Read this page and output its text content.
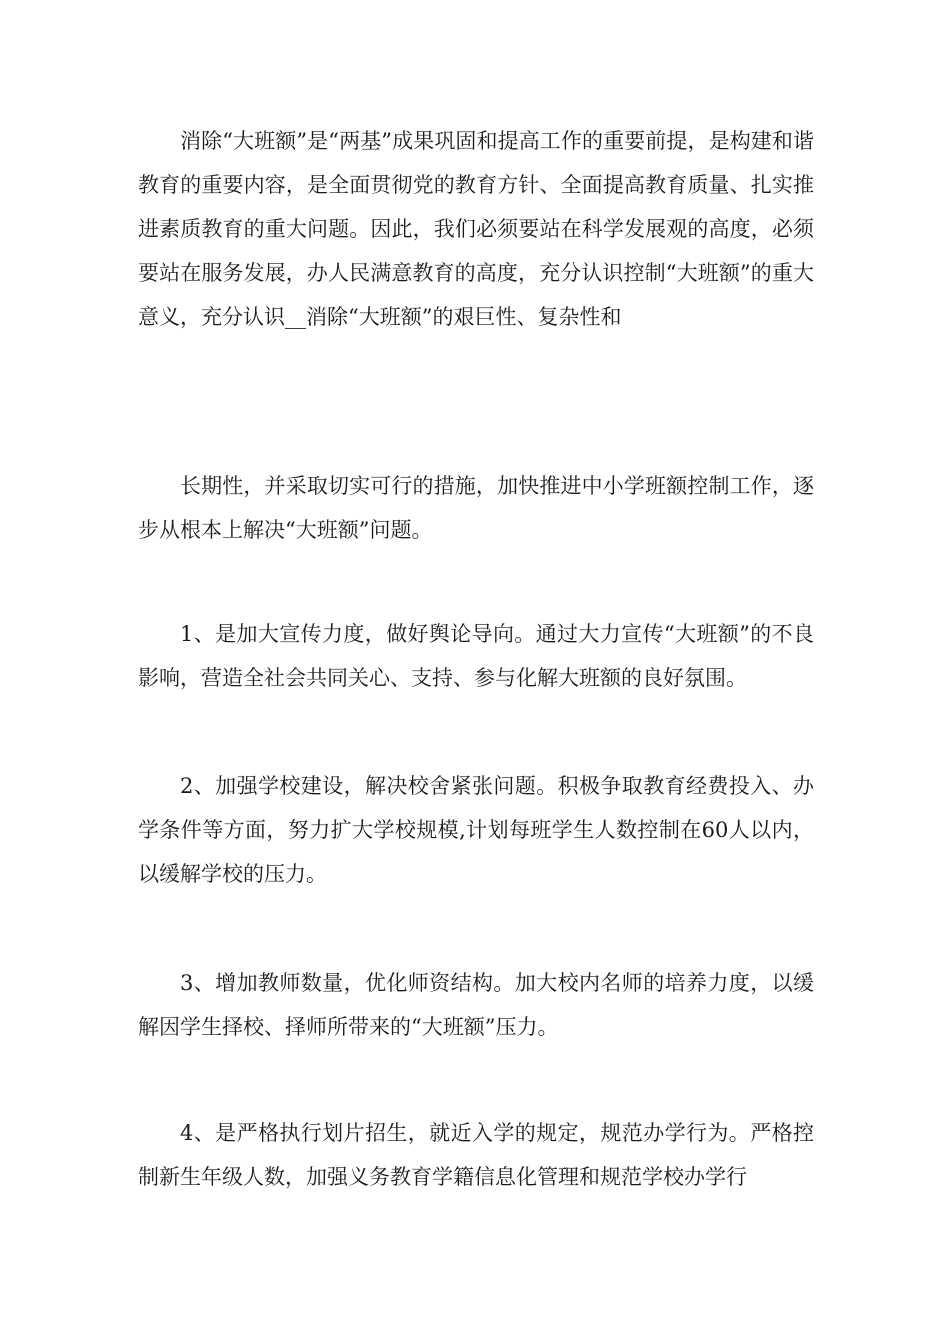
消除“大班额”是“两基”成果巩固和提高工作的重要前提，是构建和谐教育的重要内容，是全面贯彻党的教育方针、全面提高教育质量、扎实推进素质教育的重大问题。因此，我们必须要站在科学发展观的高度，必须要站在服务发展，办人民满意教育的高度，充分认识控制“大班额”的重大意义，充分认识__消除“大班额”的艰巨性、复杂性和

长期性，并采取切实可行的措施，加快推进中小学班额控制工作，逐步从根本上解决“大班额”问题。

1、是加大宣传力度，做好舆论导向。通过大力宣传“大班额”的不良影响，营造全社会共同关心、支持、参与化解大班额的良好氛围。

2、加强学校建设，解决校舍紧张问题。积极争取教育经费投入、办学条件等方面，努力扩大学校规模,计划每班学生人数控制在60人以内，以缓解学校的压力。

3、增加教师数量，优化师资结构。加大校内名师的培养力度，以缓解因学生择校、择师所带来的“大班额”压力。

4、是严格执行划片招生，就近入学的规定，规范办学行为。严格控制新生年级人数，加强义务教育学籍信息化管理和规范学校办学行
